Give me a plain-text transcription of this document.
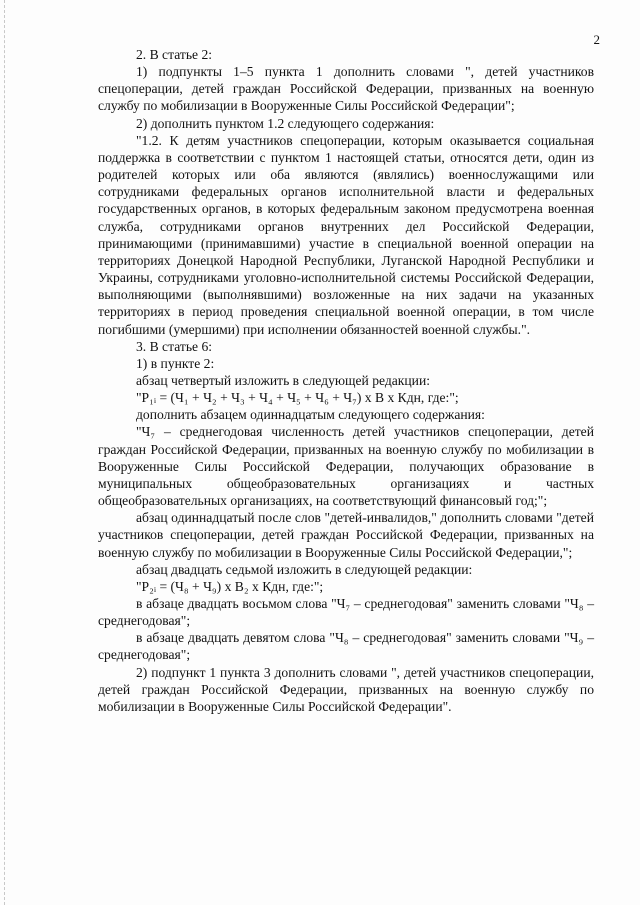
2

2. В статье 2:

1) подпункты 1–5 пункта 1 дополнить словами ", детей участников спецоперации, детей граждан Российской Федерации, призванных на военную службу по мобилизации в Вооруженные Силы Российской Федерации";

2) дополнить пунктом 1.2 следующего содержания:

"1.2. К детям участников спецоперации, которым оказывается социальная поддержка в соответствии с пунктом 1 настоящей статьи, относятся дети, один из родителей которых или оба являются (являлись) военнослужащими или сотрудниками федеральных органов исполнительной власти и федеральных государственных органов, в которых федеральным законом предусмотрена военная служба, сотрудниками органов внутренних дел Российской Федерации, принимающими (принимавшими) участие в специальной военной операции на территориях Донецкой Народной Республики, Луганской Народной Республики и Украины, сотрудниками уголовно-исполнительной системы Российской Федерации, выполняющими (выполнявшими) возложенные на них задачи на указанных территориях в период проведения специальной военной операции, в том числе погибшими (умершими) при исполнении обязанностей военной службы.".

3. В статье 6:

1) в пункте 2:

абзац четвертый изложить в следующей редакции:

"Р₁ᵢ = (Ч₁ + Ч₂ + Ч₃ + Ч₄ + Ч₅ + Ч₆ + Ч₇) х В х Кдн, где:";

дополнить абзацем одиннадцатым следующего содержания:

"Ч₇ – среднегодовая численность детей участников спецоперации, детей граждан Российской Федерации, призванных на военную службу по мобилизации в Вооруженные Силы Российской Федерации, получающих образование в муниципальных общеобразовательных организациях и частных общеобразовательных организациях, на соответствующий финансовый год;";

абзац одиннадцатый после слов "детей-инвалидов," дополнить словами "детей участников спецоперации, детей граждан Российской Федерации, призванных на военную службу по мобилизации в Вооруженные Силы Российской Федерации,";

абзац двадцать седьмой изложить в следующей редакции:

"Р₂ᵢ = (Ч₈ + Ч₉) х В₂ х Кдн, где:";

в абзаце двадцать восьмом слова "Ч₇ – среднегодовая" заменить словами "Ч₈ – среднегодовая";

в абзаце двадцать девятом слова "Ч₈ – среднегодовая" заменить словами "Ч₉ – среднегодовая";

2) подпункт 1 пункта 3 дополнить словами ", детей участников спецоперации, детей граждан Российской Федерации, призванных на военную службу по мобилизации в Вооруженные Силы Российской Федерации".
